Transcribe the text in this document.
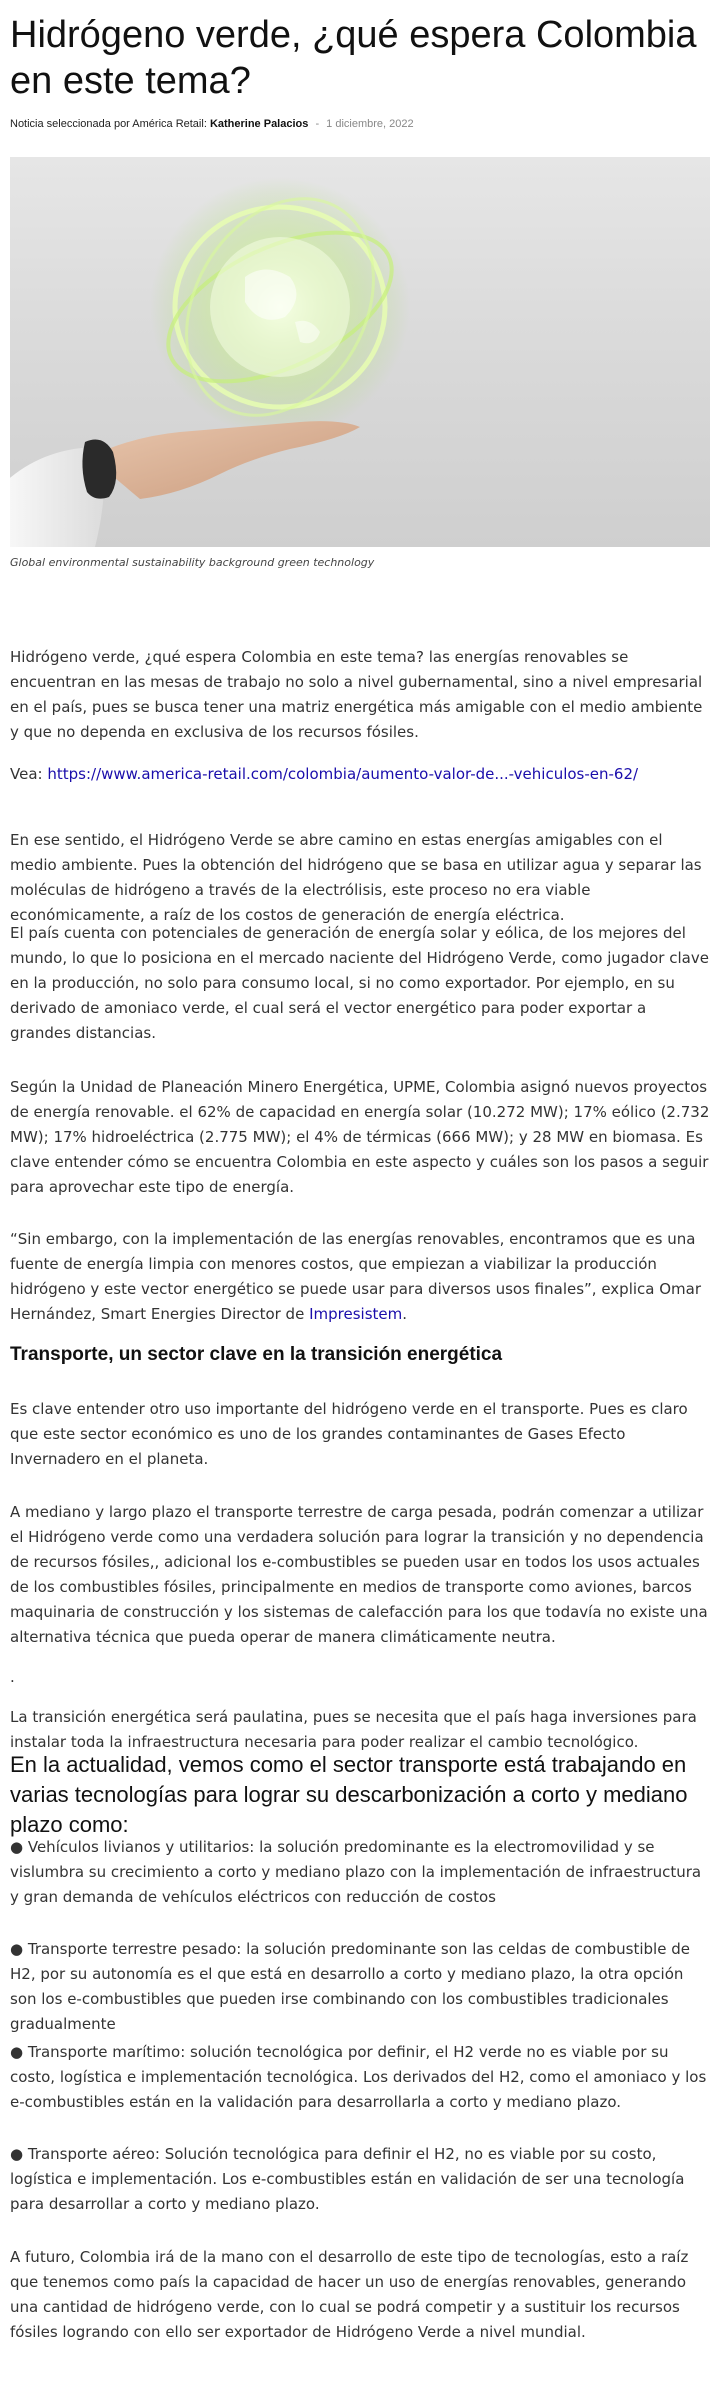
Hidrógeno verde, ¿qué espera Colombia en este tema?
Noticia seleccionada por América Retail: Katherine Palacios - 1 diciembre, 2022
Global environmental sustainability background green technology

Hidrógeno verde, ¿qué espera Colombia en este tema? las energías renovables se encuentran en las mesas de trabajo no solo a nivel gubernamental, sino a nivel empresarial en el país, pues se busca tener una matriz energética más amigable con el medio ambiente y que no dependa en exclusiva de los recursos fósiles.

Vea: https://www.america-retail.com/colombia/aumento-valor-de...-vehiculos-en-62/

En ese sentido, el Hidrógeno Verde se abre camino en estas energías amigables con el medio ambiente. Pues la obtención del hidrógeno que se basa en utilizar agua y separar las moléculas de hidrógeno a través de la electrólisis, este proceso no era viable económicamente, a raíz de los costos de generación de energía eléctrica.

El país cuenta con potenciales de generación de energía solar y eólica, de los mejores del mundo, lo que lo posiciona en el mercado naciente del Hidrógeno Verde, como jugador clave en la producción, no solo para consumo local, si no como exportador. Por ejemplo, en su derivado de amoniaco verde, el cual será el vector energético para poder exportar a grandes distancias.

Según la Unidad de Planeación Minero Energética, UPME, Colombia asignó nuevos proyectos de energía renovable. el 62% de capacidad en energía solar (10.272 MW); 17% eólico (2.732 MW); 17% hidroeléctrica (2.775 MW); el 4% de térmicas (666 MW); y 28 MW en biomasa. Es clave entender cómo se encuentra Colombia en este aspecto y cuáles son los pasos a seguir para aprovechar este tipo de energía.

“Sin embargo, con la implementación de las energías renovables, encontramos que es una fuente de energía limpia con menores costos, que empiezan a viabilizar la producción hidrógeno y este vector energético se puede usar para diversos usos finales”, explica Omar Hernández, Smart Energies Director de Impresistem.

Transporte, un sector clave en la transición energética

Es clave entender otro uso importante del hidrógeno verde en el transporte. Pues es claro que este sector económico es uno de los grandes contaminantes de Gases Efecto Invernadero en el planeta.

A mediano y largo plazo el transporte terrestre de carga pesada, podrán comenzar a utilizar el Hidrógeno verde como una verdadera solución para lograr la transición y no dependencia de recursos fósiles,, adicional los e-combustibles se pueden usar en todos los usos actuales de los combustibles fósiles, principalmente en medios de transporte como aviones, barcos maquinaria de construcción y los sistemas de calefacción para los que todavía no existe una alternativa técnica que pueda operar de manera climáticamente neutra.

.

La transición energética será paulatina, pues se necesita que el país haga inversiones para instalar toda la infraestructura necesaria para poder realizar el cambio tecnológico.

En la actualidad, vemos como el sector transporte está trabajando en varias tecnologías para lograr su descarbonización a corto y mediano plazo como:

● Vehículos livianos y utilitarios: la solución predominante es la electromovilidad y se vislumbra su crecimiento a corto y mediano plazo con la implementación de infraestructura y gran demanda de vehículos eléctricos con reducción de costos

● Transporte terrestre pesado: la solución predominante son las celdas de combustible de H2, por su autonomía es el que está en desarrollo a corto y mediano plazo, la otra opción son los e-combustibles que pueden irse combinando con los combustibles tradicionales gradualmente

● Transporte marítimo: solución tecnológica por definir, el H2 verde no es viable por su costo, logística e implementación tecnológica. Los derivados del H2, como el amoniaco y los e-combustibles están en la validación para desarrollarla a corto y mediano plazo.

● Transporte aéreo: Solución tecnológica para definir el H2, no es viable por su costo, logística e implementación. Los e-combustibles están en validación de ser una tecnología para desarrollar a corto y mediano plazo.

A futuro, Colombia irá de la mano con el desarrollo de este tipo de tecnologías, esto a raíz que tenemos como país la capacidad de hacer un uso de energías renovables, generando una cantidad de hidrógeno verde, con lo cual se podrá competir y a sustituir los recursos fósiles logrando con ello ser exportador de Hidrógeno Verde a nivel mundial.
